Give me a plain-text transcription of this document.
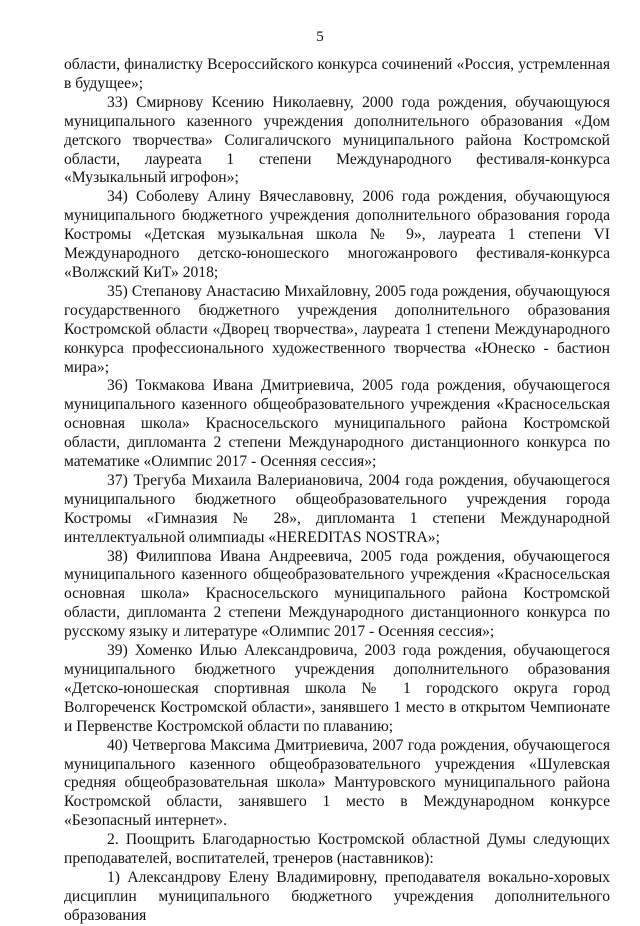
5

области, финалистку Всероссийского конкурса сочинений «Россия, устремленная в будущее»;

33) Смирнову Ксению Николаевну, 2000 года рождения, обучающуюся муниципального казенного учреждения дополнительного образования «Дом детского творчества» Солигаличского муниципального района Костромской области, лауреата 1 степени Международного фестиваля-конкурса «Музыкальный игрофон»;

34) Соболеву Алину Вячеславовну, 2006 года рождения, обучающуюся муниципального бюджетного учреждения дополнительного образования города Костромы «Детская музыкальная школа № 9», лауреата 1 степени VI Международного детско-юношеского многожанрового фестиваля-конкурса «Волжский КиТ» 2018;

35) Степанову Анастасию Михайловну, 2005 года рождения, обучающуюся государственного бюджетного учреждения дополнительного образования Костромской области «Дворец творчества», лауреата 1 степени Международного конкурса профессионального художественного творчества «Юнеско - бастион мира»;

36) Токмакова Ивана Дмитриевича, 2005 года рождения, обучающегося муниципального казенного общеобразовательного учреждения «Красносельская основная школа» Красносельского муниципального района Костромской области, дипломанта 2 степени Международного дистанционного конкурса по математике «Олимпис 2017 - Осенняя сессия»;

37) Трегуба Михаила Валериановича, 2004 года рождения, обучающегося муниципального бюджетного общеобразовательного учреждения города Костромы «Гимназия № 28», дипломанта 1 степени Международной интеллектуальной олимпиады «HEREDITAS NOSTRA»;

38) Филиппова Ивана Андреевича, 2005 года рождения, обучающегося муниципального казенного общеобразовательного учреждения «Красносельская основная школа» Красносельского муниципального района Костромской области, дипломанта 2 степени Международного дистанционного конкурса по русскому языку и литературе «Олимпис 2017 - Осенняя сессия»;

39) Хоменко Илью Александровича, 2003 года рождения, обучающегося муниципального бюджетного учреждения дополнительного образования «Детско-юношеская спортивная школа № 1 городского округа город Волгореченск Костромской области», занявшего 1 место в открытом Чемпионате и Первенстве Костромской области по плаванию;

40) Четвергова Максима Дмитриевича, 2007 года рождения, обучающегося муниципального казенного общеобразовательного учреждения «Шулевская средняя общеобразовательная школа» Мантуровского муниципального района Костромской области, занявшего 1 место в Международном конкурсе «Безопасный интернет».

2. Поощрить Благодарностью Костромской областной Думы следующих преподавателей, воспитателей, тренеров (наставников):

1) Александрову Елену Владимировну, преподавателя вокально-хоровых дисциплин муниципального бюджетного учреждения дополнительного образования
